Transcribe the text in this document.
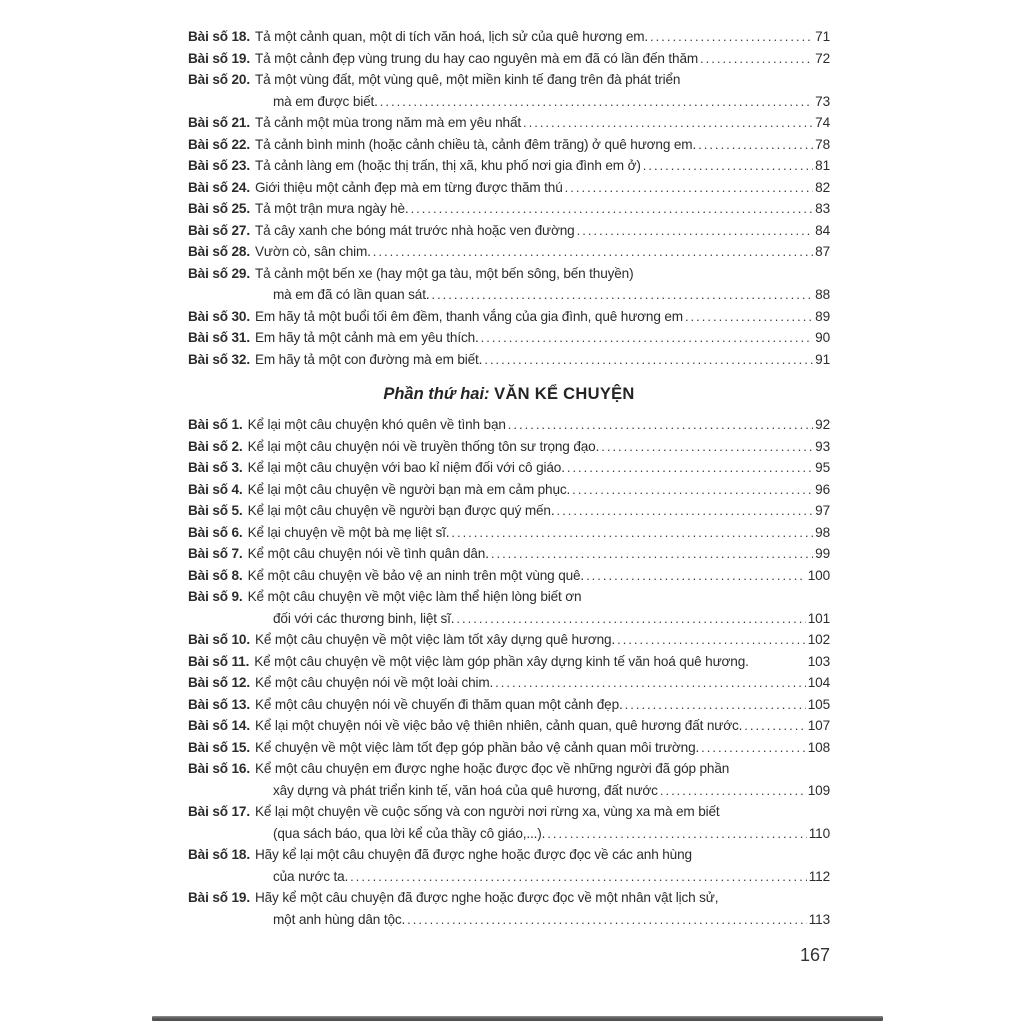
Bài số 18. Tả một cảnh quan, một di tích văn hoá, lịch sử của quê hương em. .....	71
Bài số 19. Tả một cảnh đẹp vùng trung du hay cao nguyên mà em đã có lần đến thăm .....	72
Bài số 20. Tả một vùng đất, một vùng quê, một miền kinh tế đang trên đà phát triển
mà em được biết. .....	73
Bài số 21. Tả cảnh một mùa trong năm mà em yêu nhất .....	74
Bài số 22. Tả cảnh bình minh (hoặc cảnh chiều tà, cảnh đêm trăng) ở quê hương em. .....	78
Bài số 23. Tả cảnh làng em (hoặc thị trấn, thị xã, khu phố nơi gia đình em ở) .....	81
Bài số 24. Giới thiệu một cảnh đẹp mà em từng được thăm thú .....	82
Bài số 25. Tả một trận mưa ngày hè. .....	83
Bài số 27. Tả cây xanh che bóng mát trước nhà hoặc ven đường .....	84
Bài số 28. Vườn cò, sân chim. .....	87
Bài số 29. Tả cảnh một bến xe (hay một ga tàu, một bến sông, bến thuyền)
mà em đã có lần quan sát. .....	88
Bài số 30. Em hãy tả một buổi tối êm đềm, thanh vắng của gia đình, quê hương em .....	89
Bài số 31. Em hãy tả một cảnh mà em yêu thích. .....	90
Bài số 32. Em hãy tả một con đường mà em biết. .....	91
Phần thứ hai: VĂN KỂ CHUYỆN
Bài số 1. Kể lại một câu chuyện khó quên về tình bạn .....	92
Bài số 2. Kể lại một câu chuyện nói về truyền thống tôn sư trọng đạo. .....	93
Bài số 3. Kể lại một câu chuyện với bao kỉ niệm đối với cô giáo. .....	95
Bài số 4. Kể lại một câu chuyện về người bạn mà em cảm phục. .....	96
Bài số 5. Kể lại một câu chuyện về người bạn được quý mến. .....	97
Bài số 6. Kể lại chuyện về một bà mẹ liệt sĩ. .....	98
Bài số 7. Kể một câu chuyện nói về tình quân dân. .....	99
Bài số 8. Kể một câu chuyện về bảo vệ an ninh trên một vùng quê. .....	100
Bài số 9. Kể một câu chuyện về một việc làm thể hiện lòng biết ơn
đối với các thương binh, liệt sĩ. .....	101
Bài số 10. Kể một câu chuyện về một việc làm tốt xây dựng quê hương. .....	102
Bài số 11. Kể một câu chuyện về một việc làm góp phần xây dựng kinh tế văn hoá quê hương.	103
Bài số 12. Kể một câu chuyện nói về một loài chim. .....	104
Bài số 13. Kể một câu chuyện nói về chuyến đi thăm quan một cảnh đẹp. .....	105
Bài số 14. Kể lại một chuyện nói về việc bảo vệ thiên nhiên, cảnh quan, quê hương đất nước. .....	107
Bài số 15. Kể chuyện về một việc làm tốt đẹp góp phần bảo vệ cảnh quan môi trường. .....	108
Bài số 16. Kể một câu chuyện em được nghe hoặc được đọc về những người đã góp phần
xây dựng và phát triển kinh tế, văn hoá của quê hương, đất nước .....	109
Bài số 17. Kể lại một chuyện về cuộc sống và con người nơi rừng xa, vùng xa mà em biết
(qua sách báo, qua lời kể của thầy cô giáo,...). .....	110
Bài số 18. Hãy kể lại một câu chuyện đã được nghe hoặc được đọc về các anh hùng
của nước ta. .....	112
Bài số 19. Hãy kể một câu chuyện đã được nghe hoặc được đọc về một nhân vật lịch sử,
một anh hùng dân tộc. .....	113
167
